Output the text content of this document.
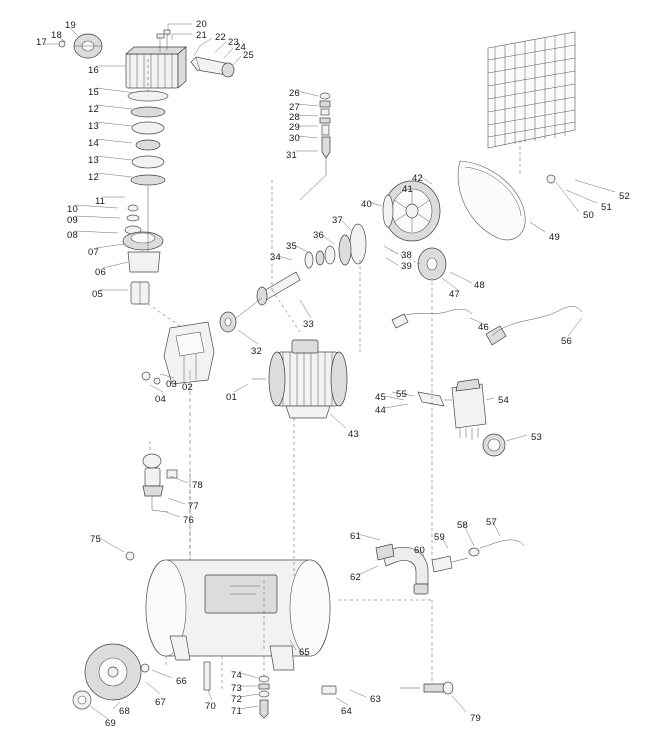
17
18
19	20
21 22 23
24
25
16
15
12
13
14
13
12
11
10
09
08
07
06
05
26
27
28
29
30
31
52
51
50
49
42
41
40
37
36
35
34	38
39
47
48
46
56
33
32
03
04
02
01
43
44
45 55
54
53
78
77
76
75	61
60
59
58 57
62
65
66
67
68
69
70 71
72
73
74
63
64
79
